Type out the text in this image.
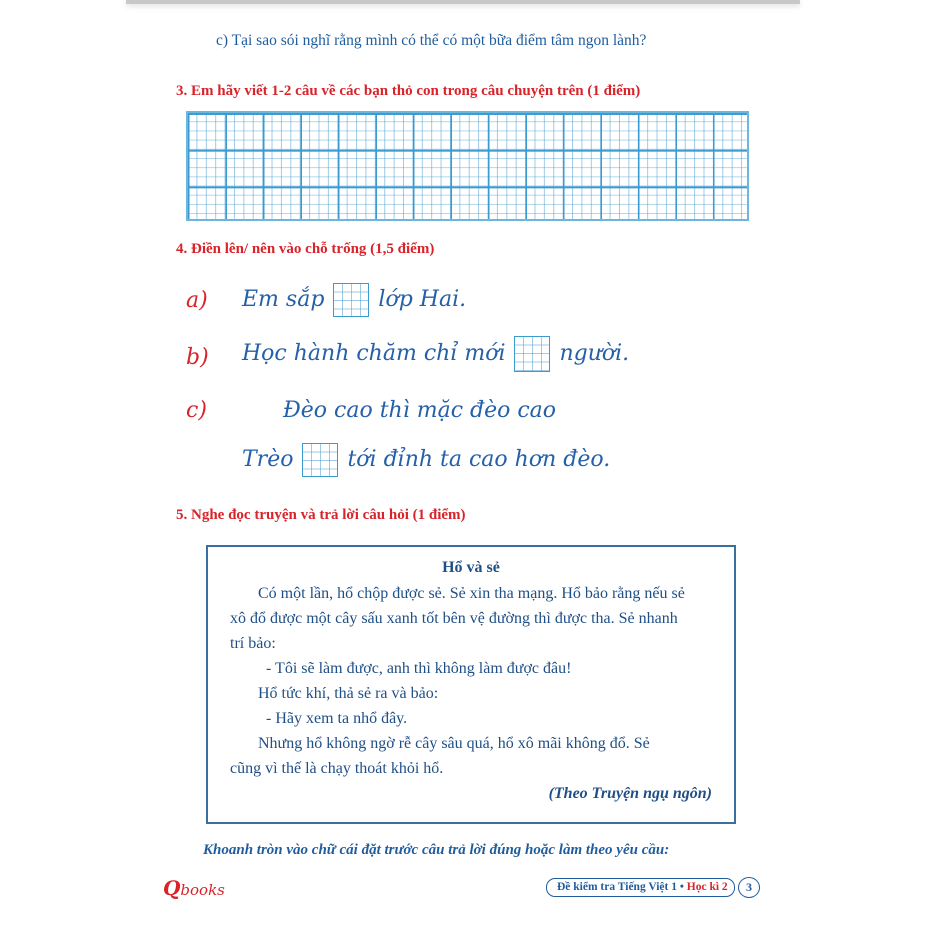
c) Tại sao sói nghĩ rằng mình có thể có một bữa điểm tâm ngon lành?
3. Em hãy viết 1-2 câu về các bạn thỏ con trong câu chuyện trên (1 điểm)
4. Điền lên/ nên vào chỗ trống (1,5 điểm)
a) Em sắp lớp Hai.
b) Học hành chăm chỉ mới người.
c)	Đèo cao thì mặc đèo cao
Trèo tới đỉnh ta cao hơn đèo.
5. Nghe đọc truyện và trả lời câu hỏi (1 điểm)
Hổ và sẻ
Có một lần, hổ chộp được sẻ. Sẻ xin tha mạng. Hổ bảo rằng nếu sẻ
xô đổ được một cây sấu xanh tốt bên vệ đường thì được tha. Sẻ nhanh
trí bảo:
- Tôi sẽ làm được, anh thì không làm được đâu!
Hổ tức khí, thả sẻ ra và bảo:
- Hãy xem ta nhổ đây.
Nhưng hổ không ngờ rễ cây sâu quá, hổ xô mãi không đổ. Sẻ
cũng vì thế là chạy thoát khỏi hổ.
(Theo Truyện ngụ ngôn)
Khoanh tròn vào chữ cái đặt trước câu trả lời đúng hoặc làm theo yêu cầu:
Qbooks	Đề kiểm tra Tiếng Việt 1 • Học kì 2	3
